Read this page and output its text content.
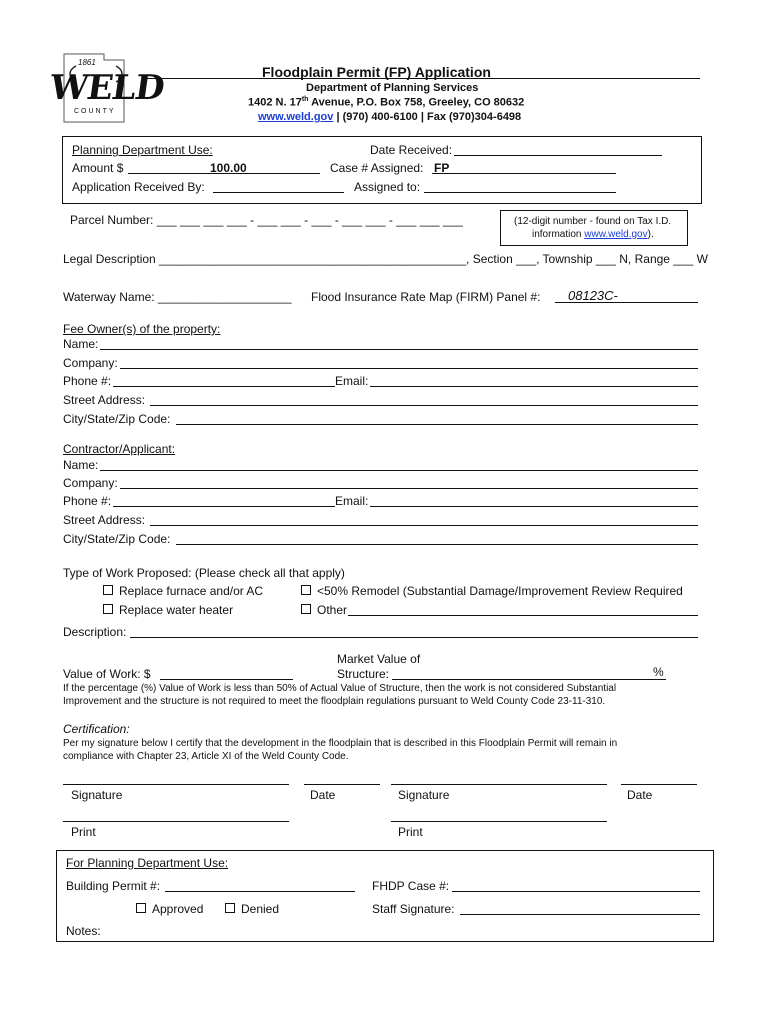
1861
WELD
COUNTY
Floodplain Permit (FP) Application
Department of Planning Services
1402 N. 17th Avenue, P.O. Box 758, Greeley, CO 80632
www.weld.gov | (970) 400-6100 | Fax (970)304-6498
Planning Department Use:
Amount $	100.00
Application Received By:
Date Received:
Case # Assigned: FP
Assigned to:
Parcel Number: ___ ___ ___ ___ - ___ ___ - ___ - ___ ___ - ___ ___ ___	(12-digit number - found on Tax I.D.
information www.weld.gov).
Legal Description ______________________________________________, Section ___, Township ___ N, Range ___ W
Waterway Name: ____________________ Flood Insurance Rate Map (FIRM) Panel #: 08123C-
Fee Owner(s) of the property:
Name:
Company:
Phone #:	Email:
Street Address:
City/State/Zip Code:
Contractor/Applicant:
Name:
Company:
Phone #:	Email:
Street Address:
City/State/Zip Code:
Type of Work Proposed: (Please check all that apply)
Replace furnace and/or AC	<50% Remodel (Substantial Damage/Improvement Review Required
Replace water heater	Other
Description:
Market Value of
Value of Work: $	Structure:	%
If the percentage (%) Value of Work is less than 50% of Actual Value of Structure, then the work is not considered Substantial
Improvement and the structure is not required to meet the floodplain regulations pursuant to Weld County Code 23-11-310.
Certification:
Per my signature below I certify that the development in the floodplain that is described in this Floodplain Permit will remain in
compliance with Chapter 23, Article XI of the Weld County Code.
Signature	Date	Signature	Date
Print	Print
For Planning Department Use:
Building Permit #:	FHDP Case #:
Approved	Denied	Staff Signature:
Notes:
